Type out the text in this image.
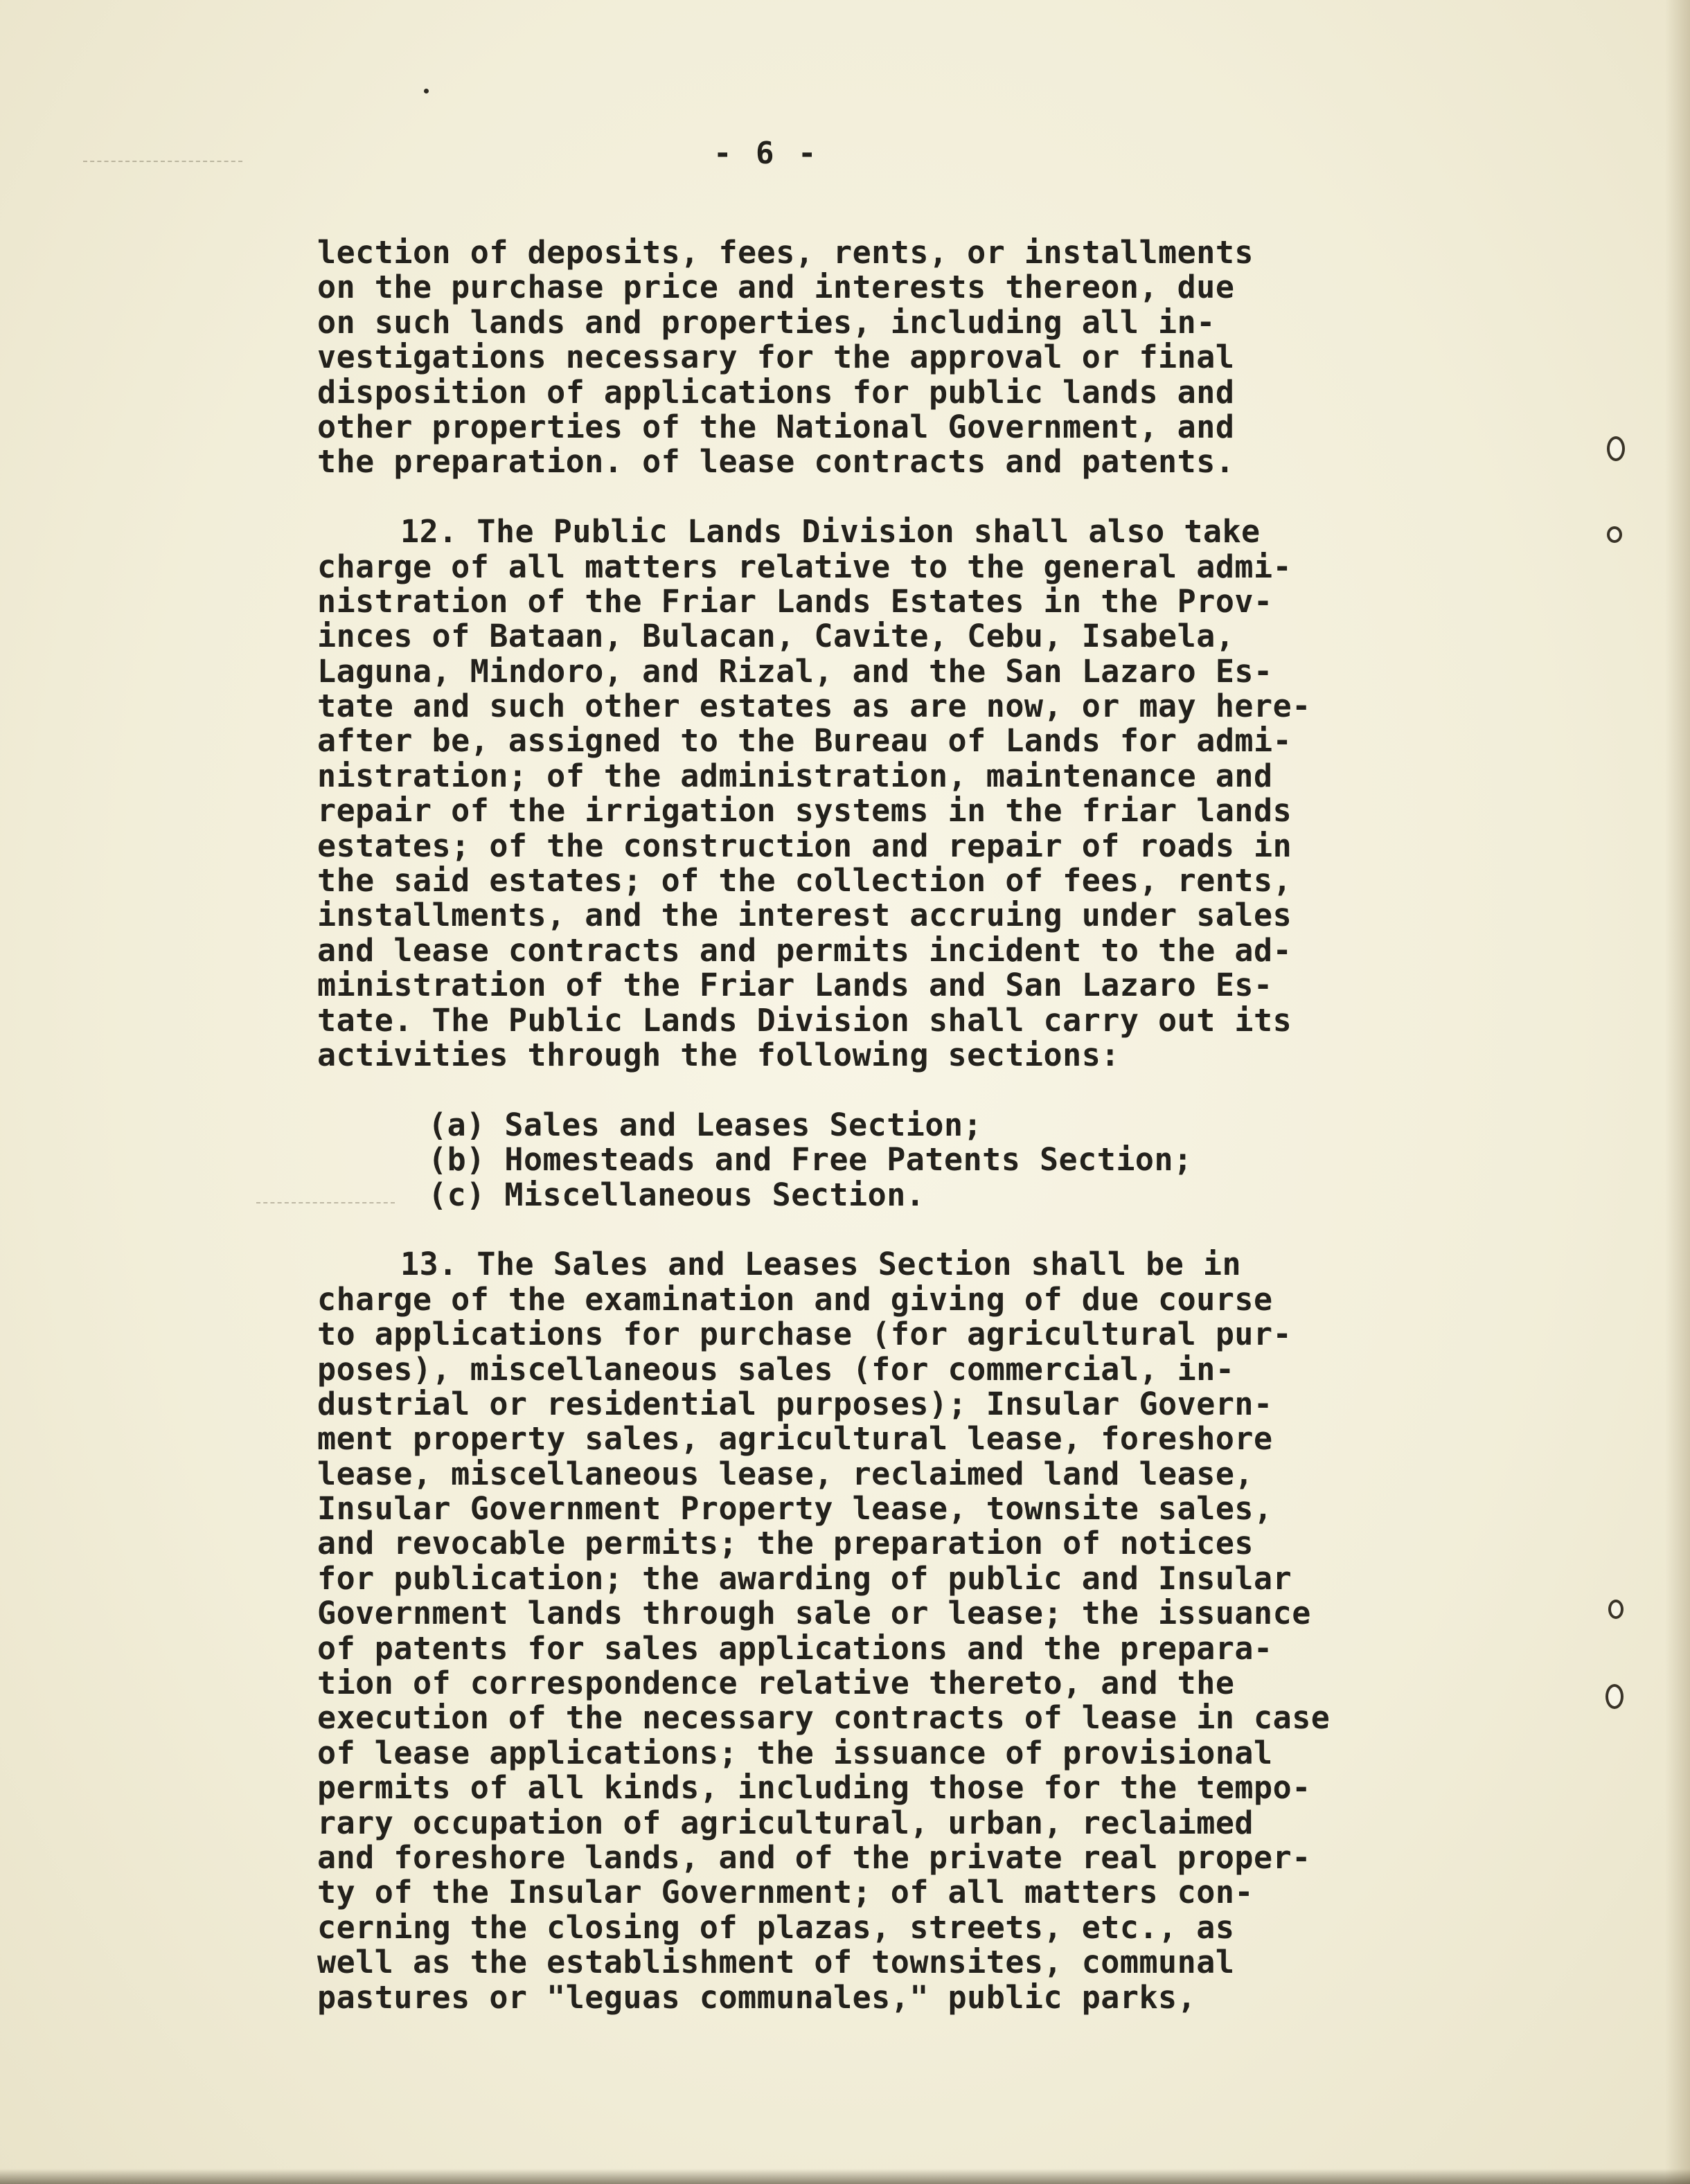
- 6 -
lection of deposits, fees, rents, or installments
on the purchase price and interests thereon, due
on such lands and properties, including all in-
vestigations necessary for the approval or final
disposition of applications for public lands and
other properties of the National Government, and
the preparation. of lease contracts and patents.
12. The Public Lands Division shall also take
charge of all matters relative to the general admi-
nistration of the Friar Lands Estates in the Prov-
inces of Bataan, Bulacan, Cavite, Cebu, Isabela,
Laguna, Mindoro, and Rizal, and the San Lazaro Es-
tate and such other estates as are now, or may here-
after be, assigned to the Bureau of Lands for admi-
nistration; of the administration, maintenance and
repair of the irrigation systems in the friar lands
estates; of the construction and repair of roads in
the said estates; of the collection of fees, rents,
installments, and the interest accruing under sales
and lease contracts and permits incident to the ad-
ministration of the Friar Lands and San Lazaro Es-
tate. The Public Lands Division shall carry out its
activities through the following sections:
(a) Sales and Leases Section;
(b) Homesteads and Free Patents Section;
(c) Miscellaneous Section.
13. The Sales and Leases Section shall be in
charge of the examination and giving of due course
to applications for purchase (for agricultural pur-
poses), miscellaneous sales (for commercial, in-
dustrial or residential purposes); Insular Govern-
ment property sales, agricultural lease, foreshore
lease, miscellaneous lease, reclaimed land lease,
Insular Government Property lease, townsite sales,
and revocable permits; the preparation of notices
for publication; the awarding of public and Insular
Government lands through sale or lease; the issuance
of patents for sales applications and the prepara-
tion of correspondence relative thereto, and the
execution of the necessary contracts of lease in case
of lease applications; the issuance of provisional
permits of all kinds, including those for the tempo-
rary occupation of agricultural, urban, reclaimed
and foreshore lands, and of the private real proper-
ty of the Insular Government; of all matters con-
cerning the closing of plazas, streets, etc., as
well as the establishment of townsites, communal
pastures or "leguas communales," public parks,
